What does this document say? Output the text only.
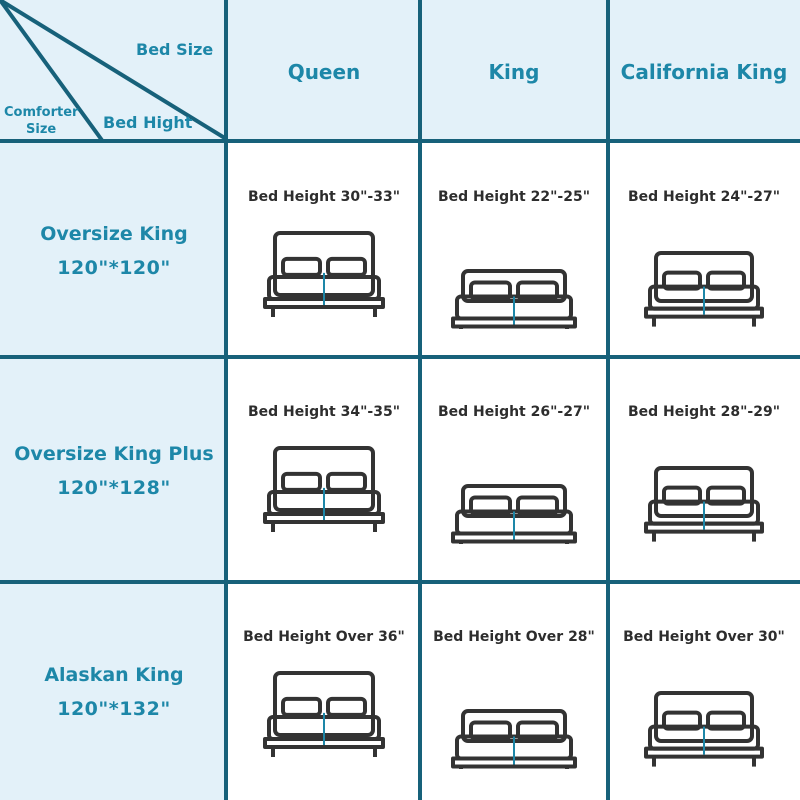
Bed Size
Comforter
Size	Bed Hight
Queen	King	California King
Oversize King
120"*120"
Bed Height 30"-33"	Bed Height 22"-25"	Bed Height 24"-27"
Oversize King Plus
120"*128"
Bed Height 34"-35"	Bed Height 26"-27"	Bed Height 28"-29"
Alaskan King
120"*132"
Bed Height Over 36" Bed Height Over 28" Bed Height Over 30"
